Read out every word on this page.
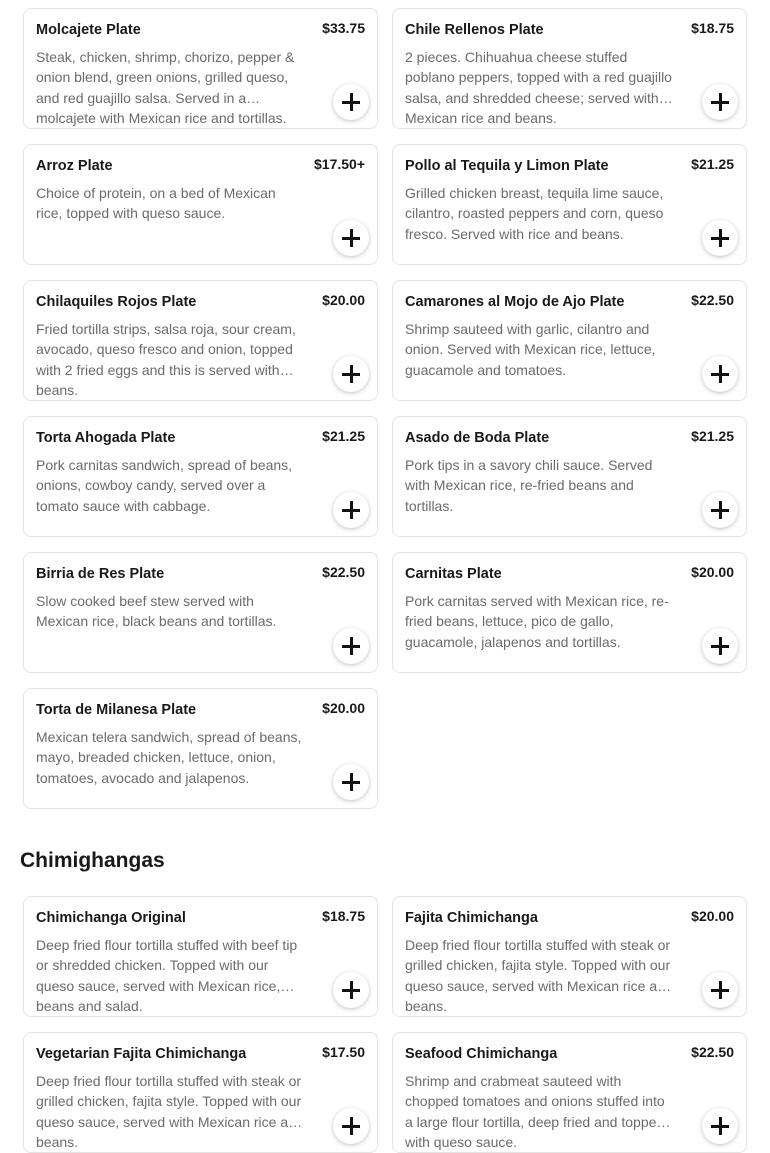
Molcajete Plate	$33.75
Steak, chicken, shrimp, chorizo, pepper & onion blend, green onions, grilled queso, and red guajillo salsa. Served in a molcajete with Mexican rice and tortillas.
Chile Rellenos Plate	$18.75
2 pieces. Chihuahua cheese stuffed poblano peppers, topped with a red guajillo salsa, and shredded cheese; served with Mexican rice and beans.
Arroz Plate	$17.50+
Choice of protein, on a bed of Mexican rice, topped with queso sauce.
Pollo al Tequila y Limon Plate	$21.25
Grilled chicken breast, tequila lime sauce, cilantro, roasted peppers and corn, queso fresco. Served with rice and beans.
Chilaquiles Rojos Plate	$20.00
Fried tortilla strips, salsa roja, sour cream, avocado, queso fresco and onion, topped with 2 fried eggs and this is served with beans.
Camarones al Mojo de Ajo Plate	$22.50
Shrimp sauteed with garlic, cilantro and onion. Served with Mexican rice, lettuce, guacamole and tomatoes.
Torta Ahogada Plate	$21.25
Pork carnitas sandwich, spread of beans, onions, cowboy candy, served over a tomato sauce with cabbage.
Asado de Boda Plate	$21.25
Pork tips in a savory chili sauce. Served with Mexican rice, re-fried beans and tortillas.
Birria de Res Plate	$22.50
Slow cooked beef stew served with Mexican rice, black beans and tortillas.
Carnitas Plate	$20.00
Pork carnitas served with Mexican rice, re-fried beans, lettuce, pico de gallo, guacamole, jalapenos and tortillas.
Torta de Milanesa Plate	$20.00
Mexican telera sandwich, spread of beans, mayo, breaded chicken, lettuce, onion, tomatoes, avocado and jalapenos.
Chimighangas
Chimichanga Original	$18.75
Deep fried flour tortilla stuffed with beef tip or shredded chicken. Topped with our queso sauce, served with Mexican rice, beans and salad.
Fajita Chimichanga	$20.00
Deep fried flour tortilla stuffed with steak or grilled chicken, fajita style. Topped with our queso sauce, served with Mexican rice and beans.
Vegetarian Fajita Chimichanga	$17.50
Deep fried flour tortilla stuffed with steak or grilled chicken, fajita style. Topped with our queso sauce, served with Mexican rice and beans.
Seafood Chimichanga	$22.50
Shrimp and crabmeat sauteed with chopped tomatoes and onions stuffed into a large flour tortilla, deep fried and topped with queso sauce.
